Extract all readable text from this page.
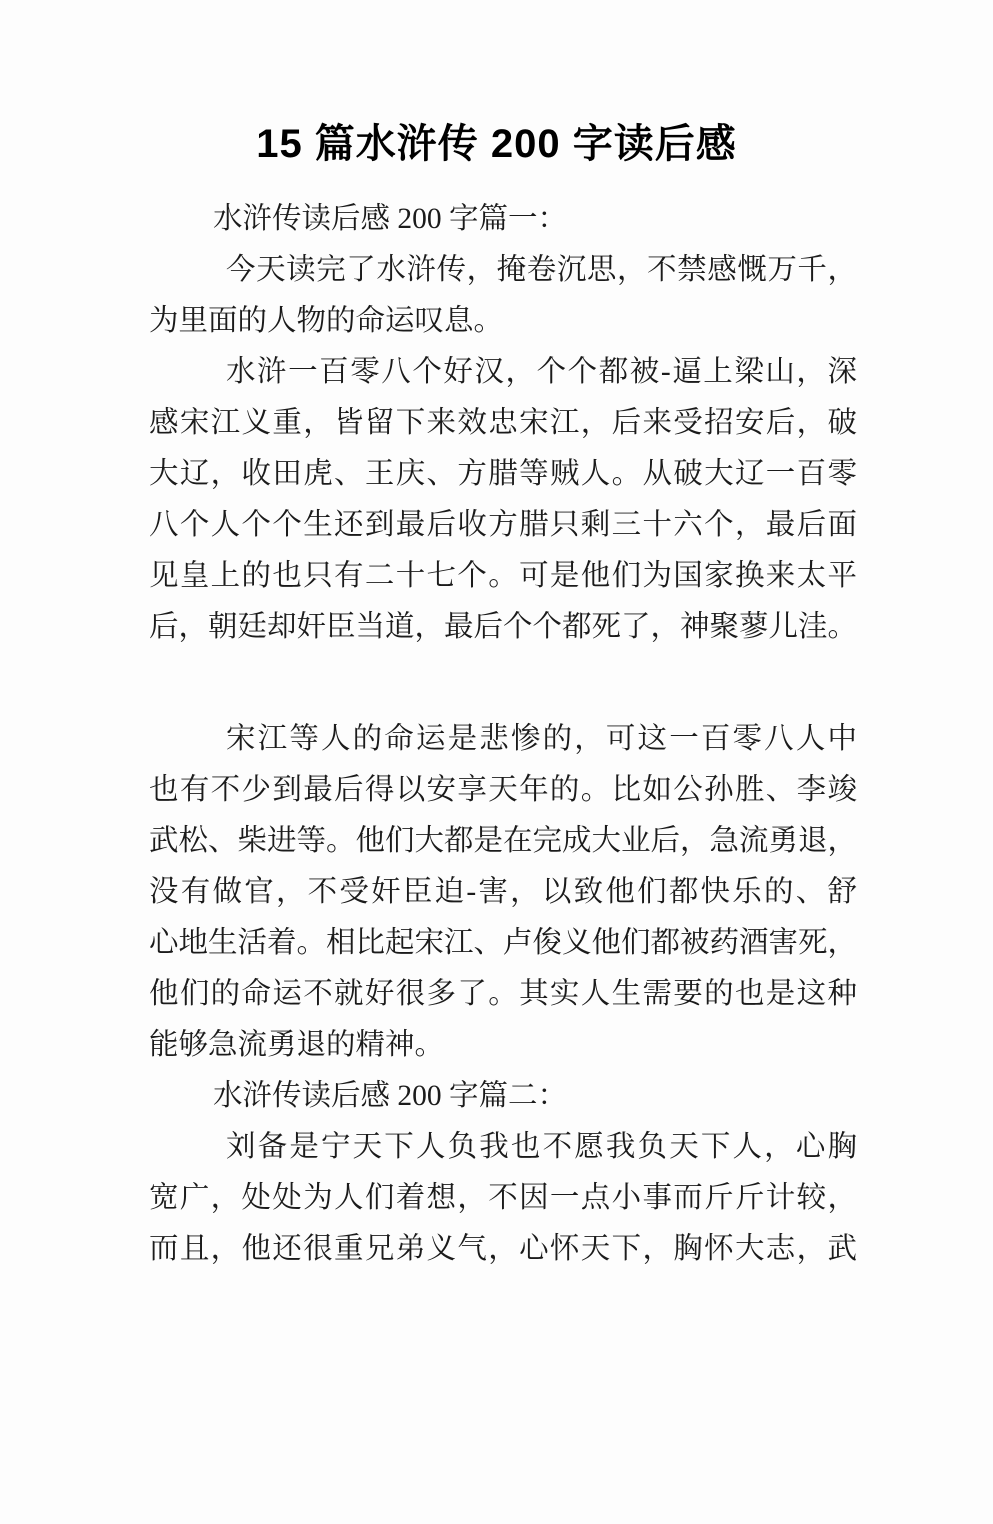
15 篇水浒传 200 字读后感
水浒传读后感 200 字篇一：
今天读完了水浒传，掩卷沉思，不禁感慨万千，
为里面的人物的命运叹息。
水浒一百零八个好汉，个个都被-逼上梁山，深
感宋江义重，皆留下来效忠宋江，后来受招安后，破
大辽，收田虎、王庆、方腊等贼人。从破大辽一百零
八个人个个生还到最后收方腊只剩三十六个，最后面
见皇上的也只有二十七个。可是他们为国家换来太平
后，朝廷却奸臣当道，最后个个都死了，神聚蓼儿洼。
宋江等人的命运是悲惨的，可这一百零八人中
也有不少到最后得以安享天年的。比如公孙胜、李竣
武松、柴进等。他们大都是在完成大业后，急流勇退，
没有做官，不受奸臣迫-害，以致他们都快乐的、舒
心地生活着。相比起宋江、卢俊义他们都被药酒害死，
他们的命运不就好很多了。其实人生需要的也是这种
能够急流勇退的精神。
水浒传读后感 200 字篇二：
刘备是宁天下人负我也不愿我负天下人，心胸
宽广，处处为人们着想，不因一点小事而斤斤计较，
而且，他还很重兄弟义气，心怀天下，胸怀大志，武
